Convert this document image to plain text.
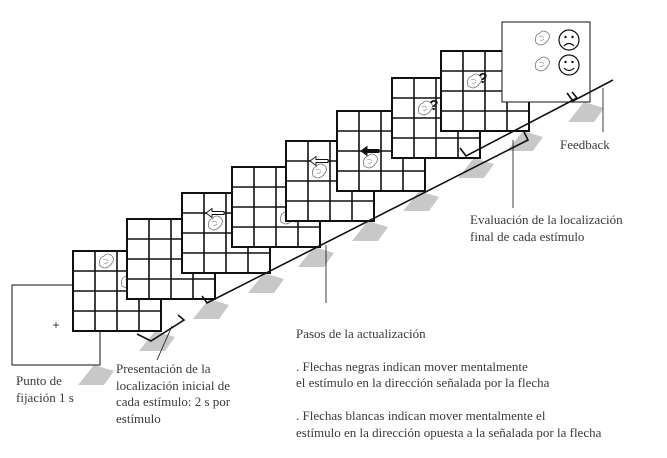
+
?
?
Punto de
fijación 1 s
Presentación de la
localización inicial de
cada estímulo: 2 s por
estímulo

Pasos de la actualización

. Flechas negras indican mover mentalmente
el estímulo en la dirección señalada por la flecha

. Flechas blancas indican mover mentalmente el
estímulo en la dirección opuesta a la señalada por la flecha

Evaluación de la localización
final de cada estímulo
Feedback
